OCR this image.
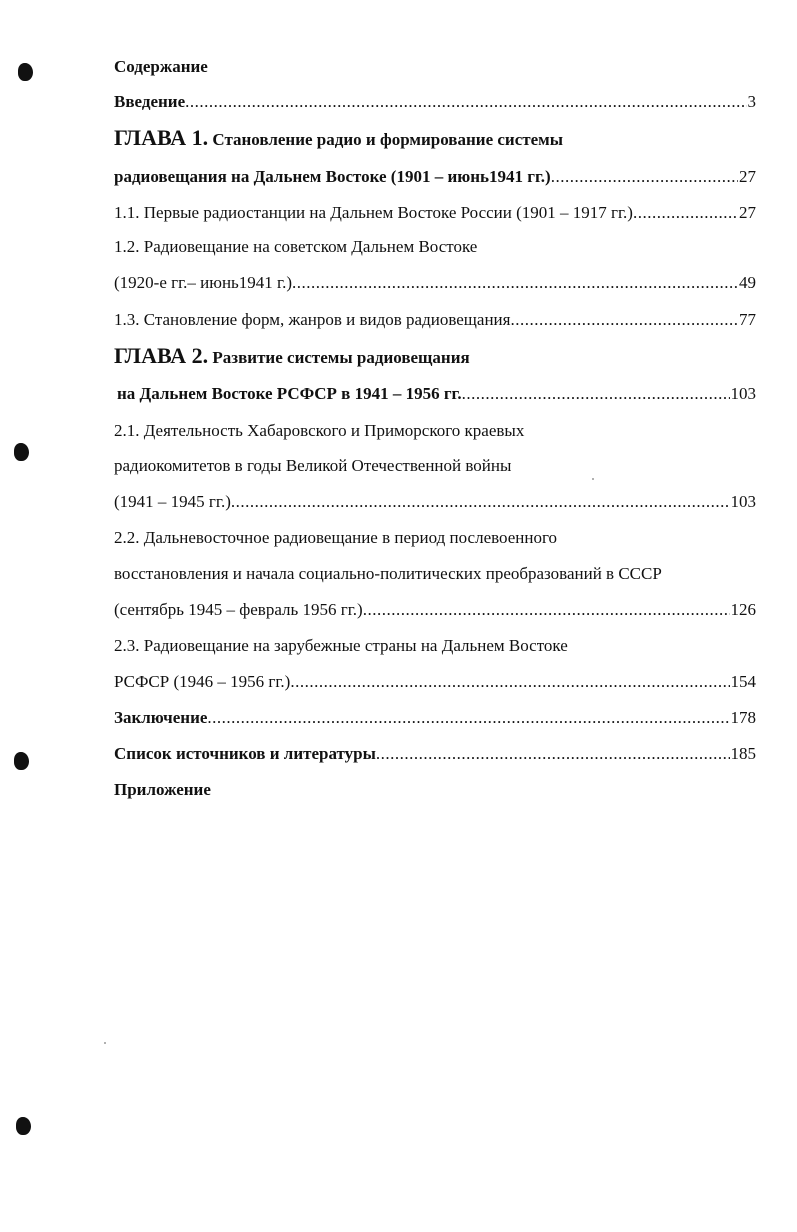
Содержание
Введение .....	3
ГЛАВА 1. Становление радио и формирование системы
радиовещания на Дальнем Востоке (1901 – июнь1941 гг.) .....	27
1.1. Первые радиостанции на Дальнем Востоке России (1901 – 1917 гг.) .....	27
1.2. Радиовещание на советском Дальнем Востоке
(1920-е гг.– июнь1941 г.) .....	49
1.3. Становление форм, жанров и видов радиовещания .....	77
ГЛАВА 2. Развитие системы радиовещания
на Дальнем Востоке РСФСР в 1941 – 1956 гг. .....	103
2.1. Деятельность Хабаровского и Приморского краевых
радиокомитетов в годы Великой Отечественной войны
(1941 – 1945 гг.) .....	103
2.2. Дальневосточное радиовещание в период послевоенного
восстановления и начала социально-политических преобразований в СССР
(сентябрь 1945 – февраль 1956 гг.) .....	126
2.3. Радиовещание на зарубежные страны на Дальнем Востоке
РСФСР (1946 – 1956 гг.) .....	154
Заключение .....	178
Список источников и литературы .....	185
Приложение
